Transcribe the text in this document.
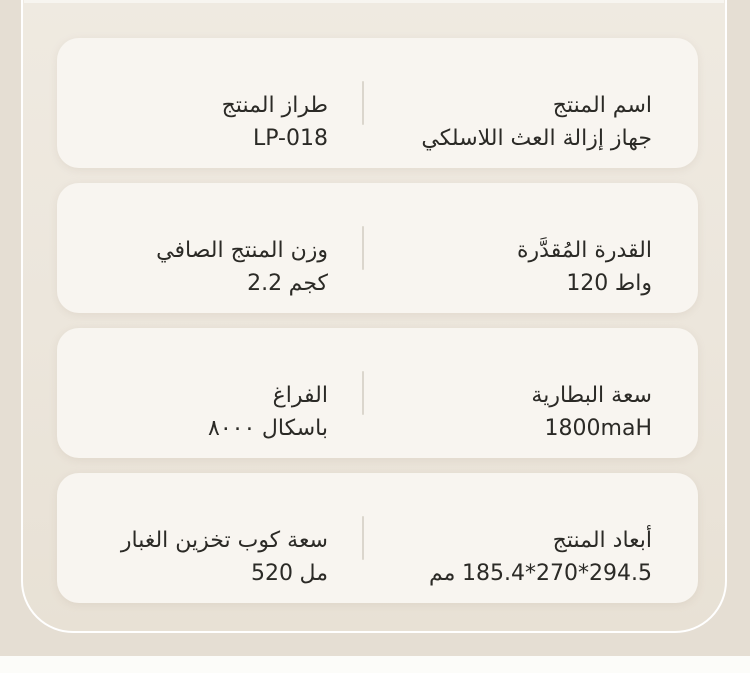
طراز المنتج
LP-018
اسم المنتج
جهاز إزالة العث اللاسلكي
وزن المنتج الصافي
2.2 كجم
القدرة المُقدَّرة
120 واط
الفراغ
٨٠٠٠ باسكال
سعة البطارية
1800maH
سعة كوب تخزين الغبار
520 مل
أبعاد المنتج
مم 185.4*270*294.5
